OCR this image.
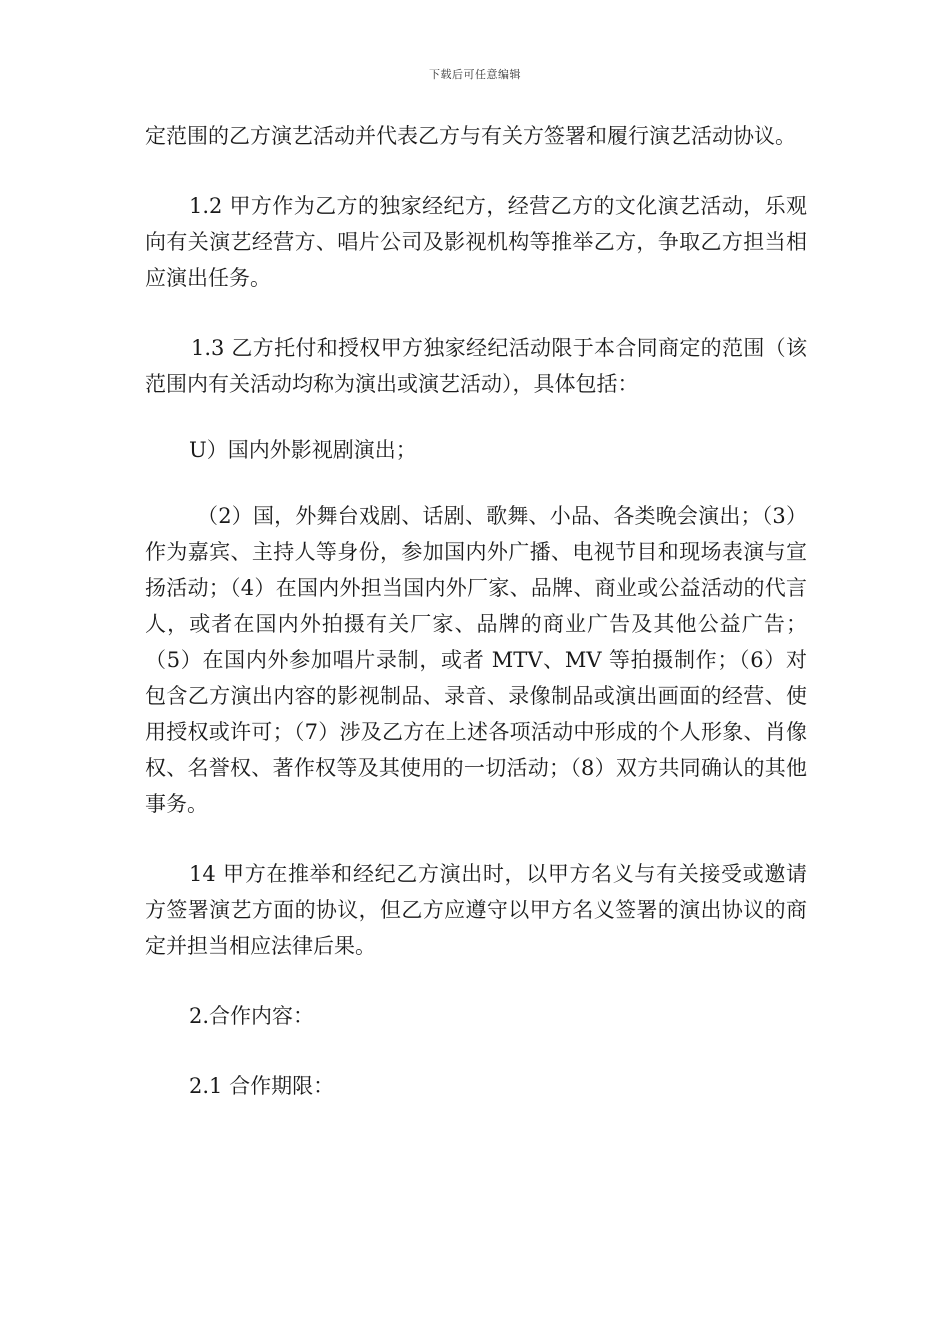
下载后可任意编辑

定范围的乙方演艺活动并代表乙方与有关方签署和履行演艺活动协议。

1.2 甲方作为乙方的独家经纪方，经营乙方的文化演艺活动，乐观向有关演艺经营方、唱片公司及影视机构等推举乙方，争取乙方担当相应演出任务。

1.3 乙方托付和授权甲方独家经纪活动限于本合同商定的范围（该范围内有关活动均称为演出或演艺活动），具体包括：

U）国内外影视剧演出；

（2）国，外舞台戏剧、话剧、歌舞、小品、各类晚会演出；（3）作为嘉宾、主持人等身份，参加国内外广播、电视节目和现场表演与宣扬活动；（4）在国内外担当国内外厂家、品牌、商业或公益活动的代言人，或者在国内外拍摄有关厂家、品牌的商业广告及其他公益广告；（5）在国内外参加唱片录制，或者 MTV、MV 等拍摄制作；（6）对包含乙方演出内容的影视制品、录音、录像制品或演出画面的经营、使用授权或许可；（7）涉及乙方在上述各项活动中形成的个人形象、肖像权、名誉权、著作权等及其使用的一切活动；（8）双方共同确认的其他事务。

14 甲方在推举和经纪乙方演出时，以甲方名义与有关接受或邀请方签署演艺方面的协议，但乙方应遵守以甲方名义签署的演出协议的商定并担当相应法律后果。

2.合作内容：

2.1 合作期限：
